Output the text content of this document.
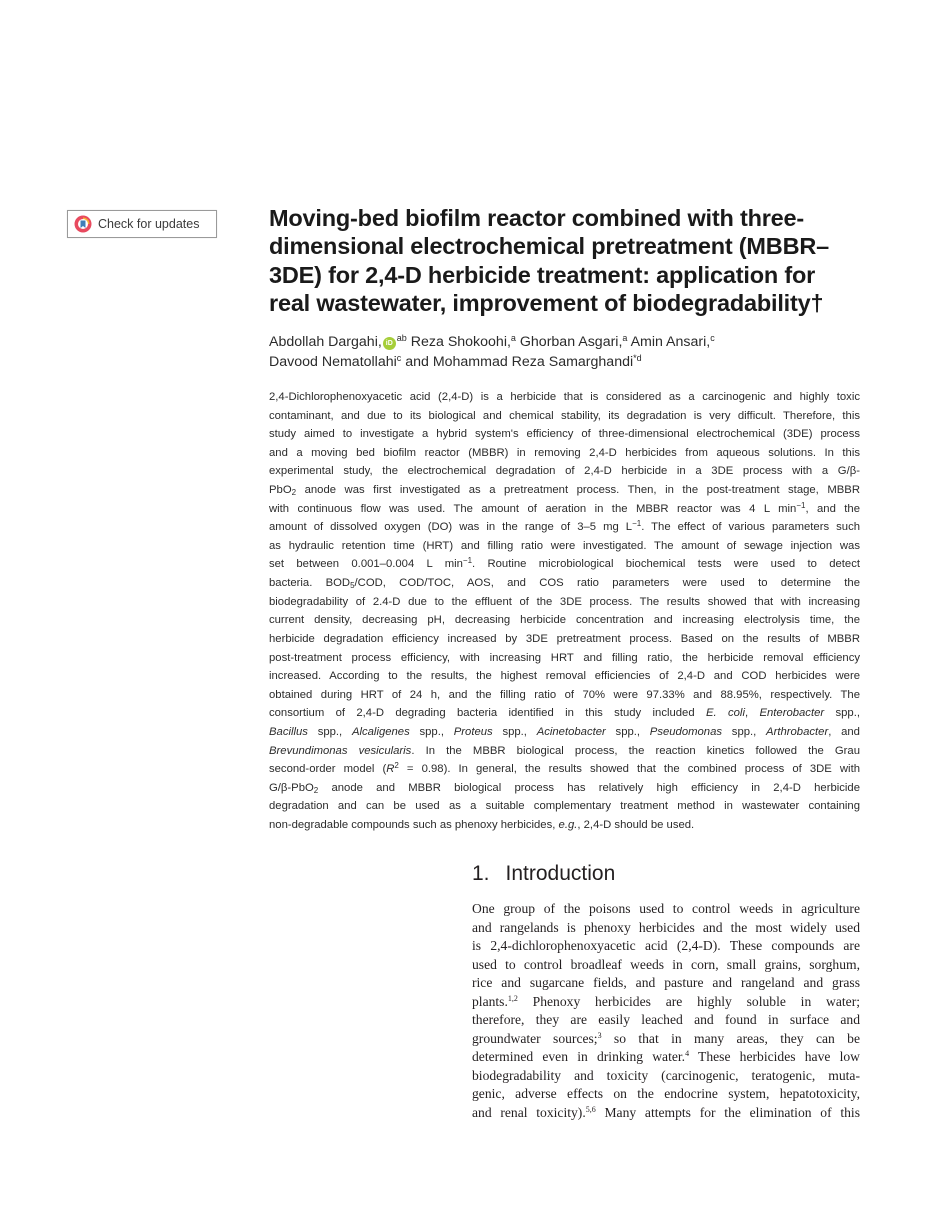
Check for updates	Moving-bed biofilm reactor combined with three-
dimensional electrochemical pretreatment (MBBR–
3DE) for 2,4-D herbicide treatment: application for
real wastewater, improvement of biodegradability†
Abdollah Dargahi, $iD^{ab}$ Reza Shokoohi,$^a$ Ghorban Asgari,$^a$ Amin Ansari,$^c$
Davood Nematollahi$^c$ and Mohammad Reza Samarghandi$^{*d}$
2,4-Dichlorophenoxyacetic acid (2,4-D) is a herbicide that is considered as a carcinogenic and highly toxic
contaminant, and due to its biological and chemical stability, its degradation is very difficult. Therefore, this
study aimed to investigate a hybrid system's efficiency of three-dimensional electrochemical (3DE) process
and a moving bed biofilm reactor (MBBR) in removing 2,4-D herbicides from aqueous solutions. In this
experimental study, the electrochemical degradation of 2,4-D herbicide in a 3DE process with a G/β-
PbO$_2$ anode was first investigated as a pretreatment process. Then, in the post-treatment stage, MBBR
with continuous flow was used. The amount of aeration in the MBBR reactor was 4 L $\min^{-1}$, and the
amount of dissolved oxygen (DO) was in the range of 3–5 mg $L^{-1}$. The effect of various parameters such
as hydraulic retention time (HRT) and filling ratio were investigated. The amount of sewage injection was
set between 0.001–0.004 L $\min^{-1}$. Routine microbiological biochemical tests were used to detect
bacteria. $BOD_5$/COD, COD/TOC, AOS, and COS ratio parameters were used to determine the
biodegradability of 2.4-D due to the effluent of the 3DE process. The results showed that with increasing
current density, decreasing pH, decreasing herbicide concentration and increasing electrolysis time, the
herbicide degradation efficiency increased by 3DE pretreatment process. Based on the results of MBBR
post-treatment process efficiency, with increasing HRT and filling ratio, the herbicide removal efficiency
increased. According to the results, the highest removal efficiencies of 2,4-D and COD herbicides were
obtained during HRT of 24 h, and the filling ratio of 70% were 97.33% and 88.95%, respectively. The
consortium of 2,4-D degrading bacteria identified in this study included E. coli, Enterobacter spp.,
Bacillus spp., Alcaligenes spp., Proteus spp., Acinetobacter spp., Pseudomonas spp., Arthrobacter, and
Brevundimonas vesicularis. In the MBBR biological process, the reaction kinetics followed the Grau
second-order model $(R^2 = 0.98)$. In general, the results showed that the combined process of 3DE with
G/β-PbO$_2$ anode and MBBR biological process has relatively high efficiency in 2,4-D herbicide
degradation and can be used as a suitable complementary treatment method in wastewater containing
non-degradable compounds such as phenoxy herbicides, e.g., 2,4-D should be used.
1. Introduction
One group of the poisons used to control weeds in agriculture
and rangelands is phenoxy herbicides and the most widely used
is 2,4-dichlorophenoxyacetic acid (2,4-D). These compounds are
used to control broadleaf weeds in corn, small grains, sorghum,
rice and sugarcane fields, and pasture and rangeland and grass
plants.$^{1,2}$ Phenoxy herbicides are highly soluble in water;
therefore, they are easily leached and found in surface and
groundwater sources;$^3$ so that in many areas, they can be
determined even in drinking water.$^4$ These herbicides have low
biodegradability and toxicity (carcinogenic, teratogenic, muta-
genic, adverse effects on the endocrine system, hepatotoxicity,
and renal toxicity).$^{5,6}$ Many attempts for the elimination of this
